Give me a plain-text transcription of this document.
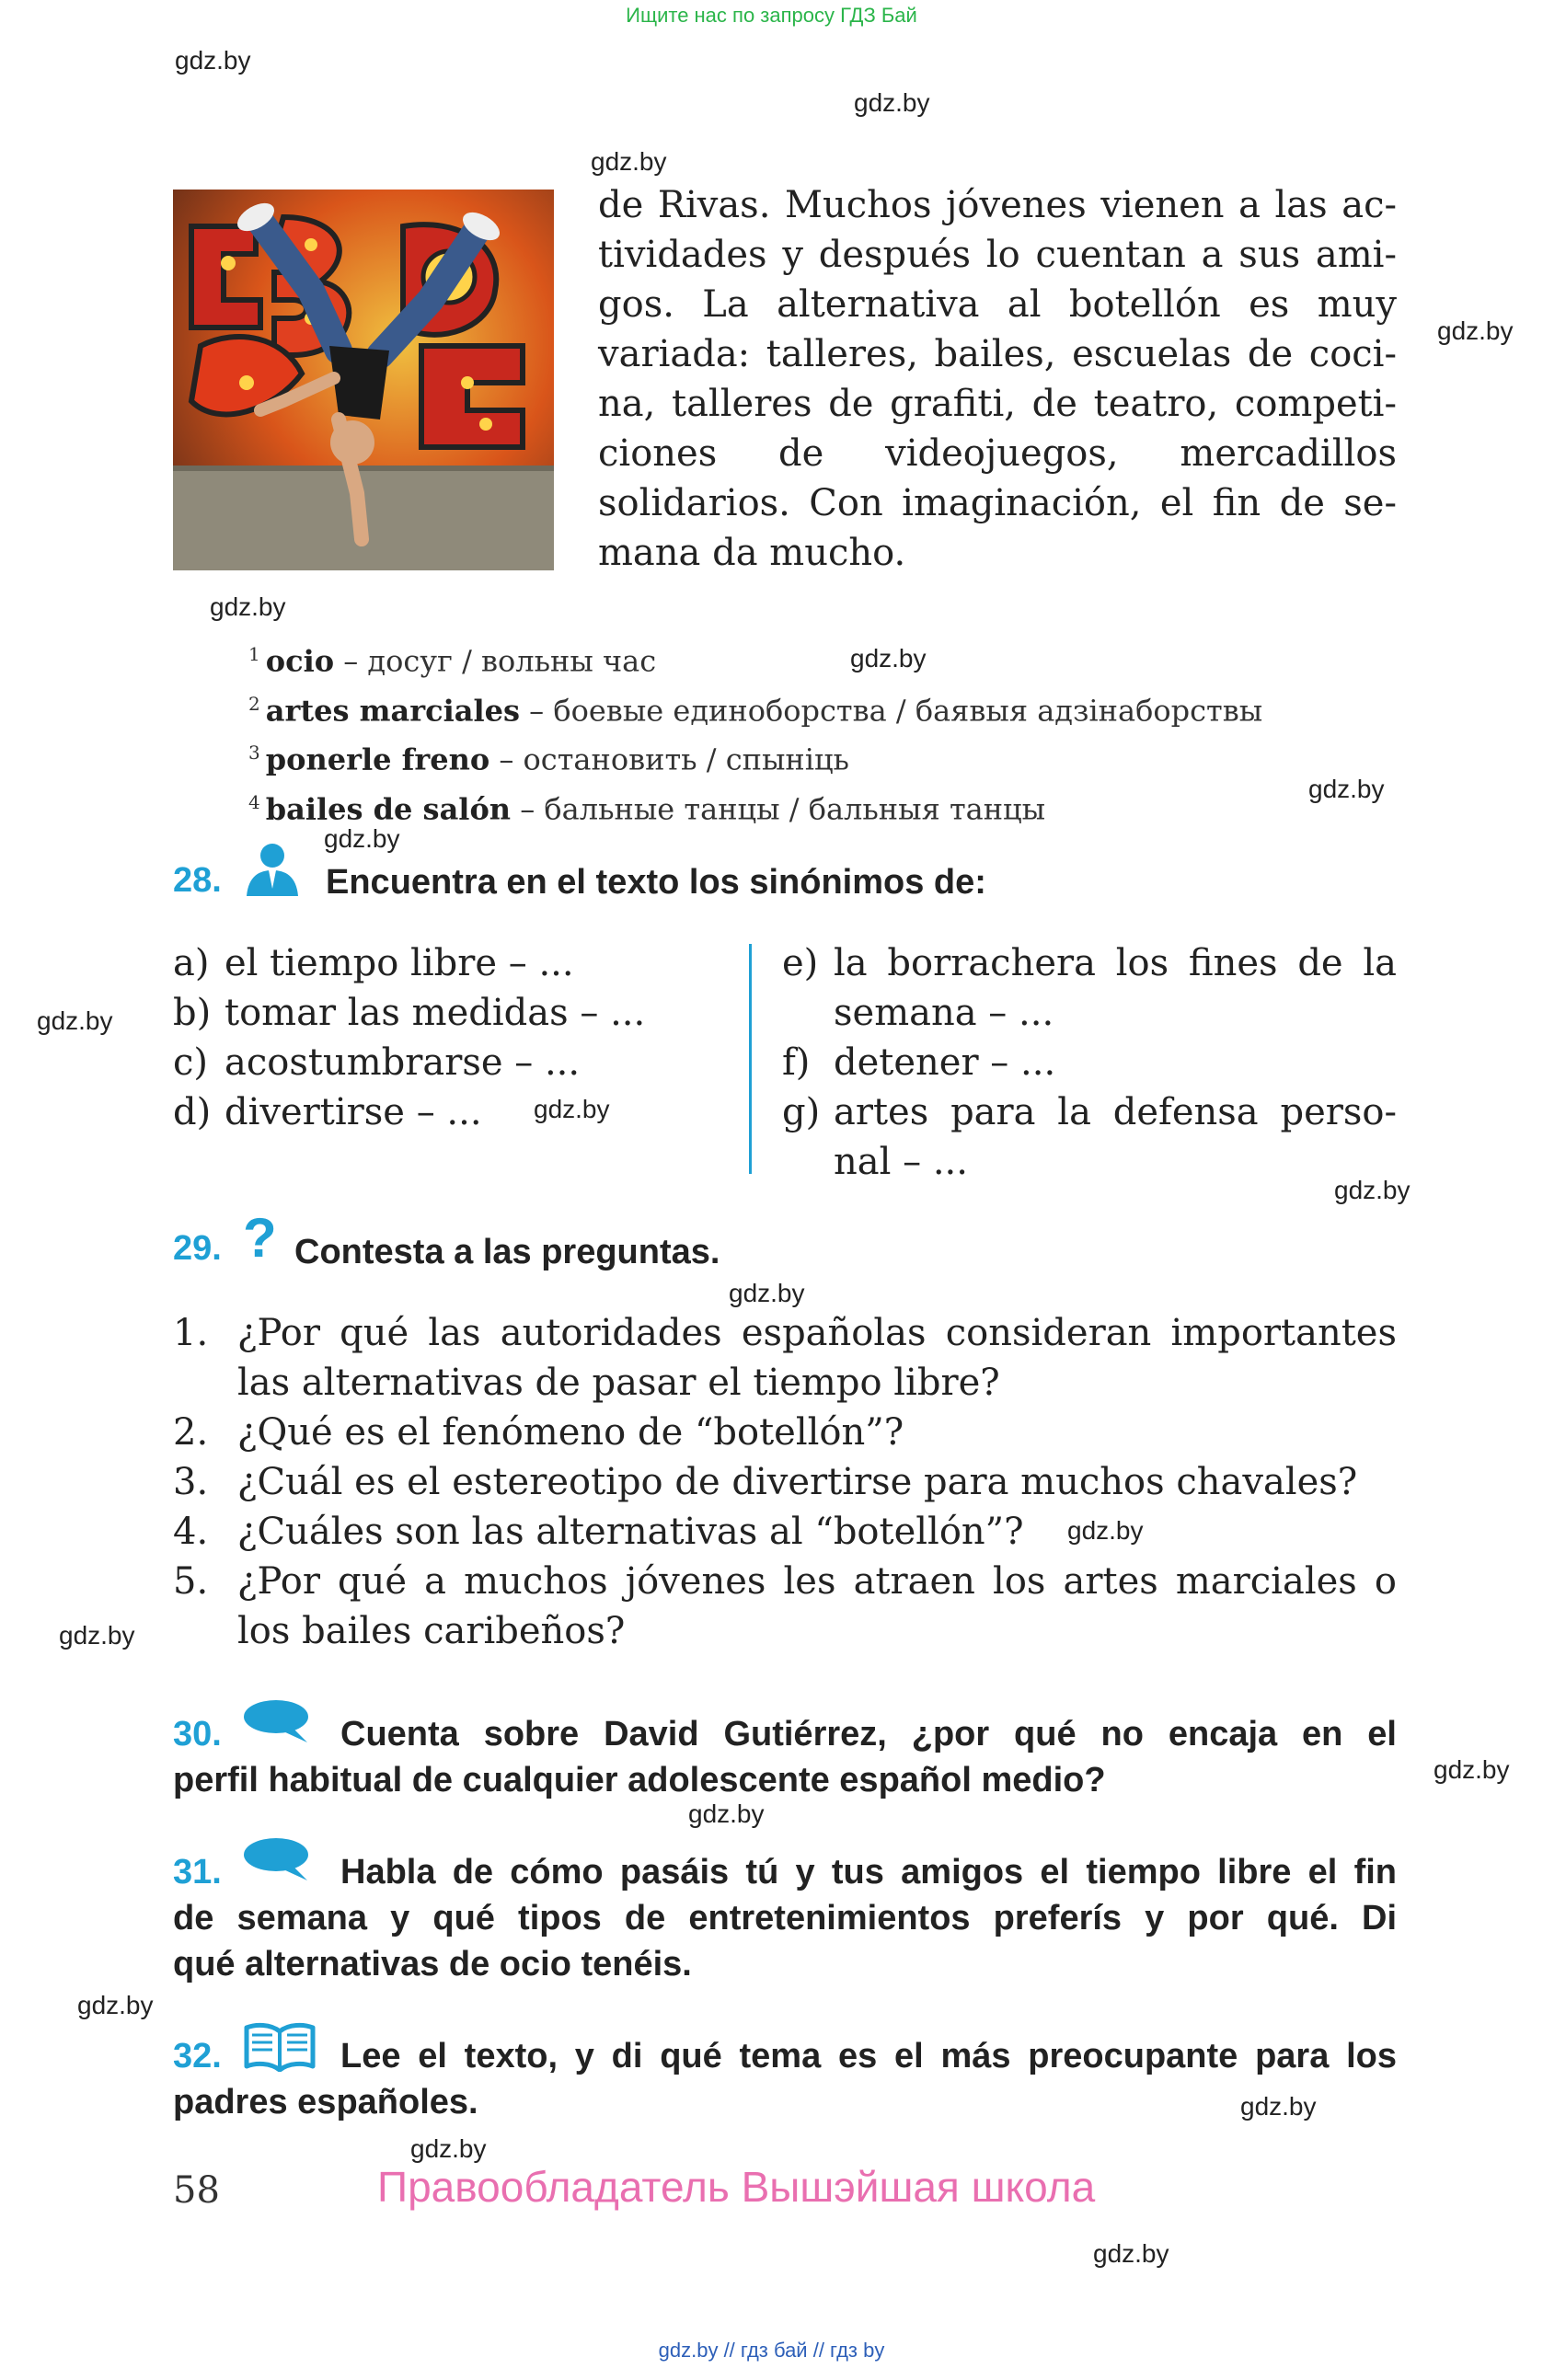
Ищите нас по запросу ГДЗ Бай
gdz.by
gdz.by
gdz.by
gdz.by
gdz.by
gdz.by
gdz.by
gdz.by
gdz.by
gdz.by
gdz.by
gdz.by
gdz.by
gdz.by
gdz.by
gdz.by
gdz.by
gdz.by
gdz.by
gdz.by
de Rivas. Muchos jóvenes vienen a las ac-
tividades y después lo cuentan a sus ami-
gos. La alternativa al botellón es muy
variada: talleres, bailes, escuelas de coci-
na, talleres de grafiti, de teatro, competi-
ciones de videojuegos, mercadillos
solidarios. Con imaginación, el fin de se-
mana da mucho.
$^1$ ocio – досуг / вольны час
$^2$ artes marciales – боевые единоборства / баявыя адзінаборствы
$^3$ ponerle freno – остановить / спыніць
$^4$ bailes de salón – бальные танцы / бальныя танцы
28.	Encuentra en el texto los sinónimos de:
a) el tiempo libre – ...
b) tomar las medidas – ...
c) acostumbrarse – ...
d) divertirse – ...
e) la borrachera los fines de la
semana – ...
f) detener – ...
g) artes para la defensa perso-
nal – ...
29. ? Contesta a las preguntas.
1. ¿Por qué las autoridades españolas consideran importantes
las alternativas de pasar el tiempo libre?
2. ¿Qué es el fenómeno de “botellón”?
3. ¿Cuál es el estereotipo de divertirse para muchos chavales?
4. ¿Cuáles son las alternativas al “botellón”?
5. ¿Por qué a muchos jóvenes les atraen los artes marciales o
los bailes caribeños?
30.	Cuenta sobre David Gutiérrez, ¿por qué no encaja en el
perfil habitual de cualquier adolescente español medio?
31.	Habla de cómo pasáis tú y tus amigos el tiempo libre el fin
de semana y qué tipos de entretenimientos preferís y por qué. Di
qué alternativas de ocio tenéis.
32.	Lee el texto, y di qué tema es el más preocupante para los
padres españoles.
58	Правообладатель Вышэйшая школа
gdz.by // гдз бай // гдз by
